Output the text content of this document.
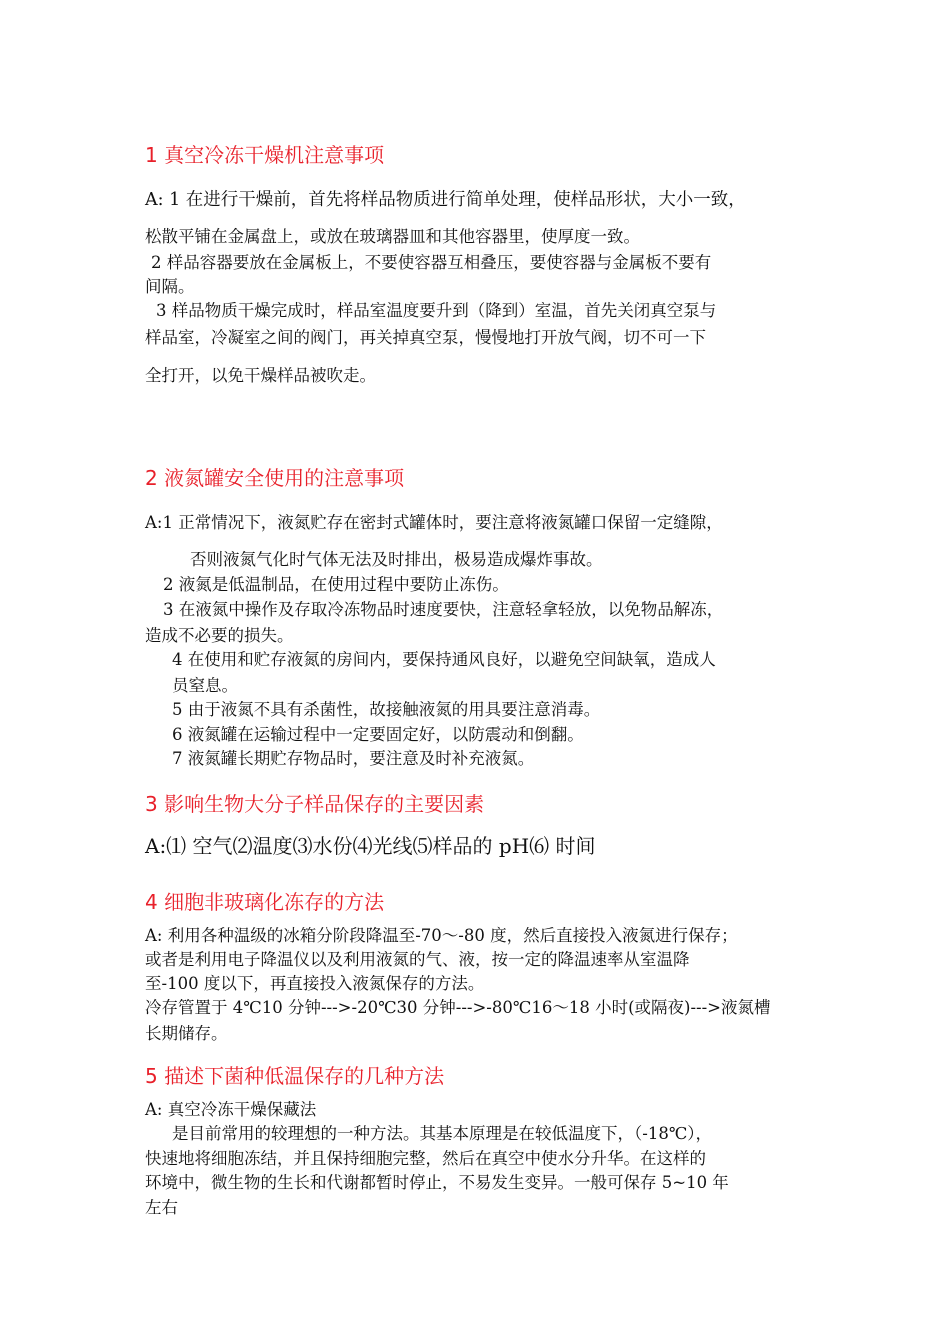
1 真空冷冻干燥机注意事项
A: 1 在进行干燥前，首先将样品物质进行简单处理，使样品形状，大小一致，
松散平铺在金属盘上，或放在玻璃器皿和其他容器里，使厚度一致。
2 样品容器要放在金属板上，不要使容器互相叠压，要使容器与金属板不要有
间隔。
3 样品物质干燥完成时，样品室温度要升到（降到）室温，首先关闭真空泵与
样品室，冷凝室之间的阀门，再关掉真空泵，慢慢地打开放气阀，切不可一下
全打开，以免干燥样品被吹走。
2 液氮罐安全使用的注意事项
A:1 正常情况下，液氮贮存在密封式罐体时，要注意将液氮罐口保留一定缝隙，
否则液氮气化时气体无法及时排出，极易造成爆炸事故。
2 液氮是低温制品，在使用过程中要防止冻伤。
3 在液氮中操作及存取冷冻物品时速度要快，注意轻拿轻放，以免物品解冻，
造成不必要的损失。
4 在使用和贮存液氮的房间内，要保持通风良好，以避免空间缺氧，造成人
员窒息。
5 由于液氮不具有杀菌性，故接触液氮的用具要注意消毒。
6 液氮罐在运输过程中一定要固定好，以防震动和倒翻。
7 液氮罐长期贮存物品时，要注意及时补充液氮。
3 影响生物大分子样品保存的主要因素
A:⑴ 空气⑵温度⑶水份⑷光线⑸样品的 pH⑹ 时间
4 细胞非玻璃化冻存的方法
A: 利用各种温级的冰箱分阶段降温至-70～-80 度，然后直接投入液氮进行保存；
或者是利用电子降温仪以及利用液氮的气、液，按一定的降温速率从室温降
至-100 度以下，再直接投入液氮保存的方法。
冷存管置于 4℃10 分钟--->-20℃30 分钟--->-80℃16～18 小时(或隔夜)--->液氮槽
长期储存。
5 描述下菌种低温保存的几种方法
A: 真空冷冻干燥保藏法
是目前常用的较理想的一种方法。其基本原理是在较低温度下，（-18℃），
快速地将细胞冻结，并且保持细胞完整，然后在真空中使水分升华。在这样的
环境中，微生物的生长和代谢都暂时停止，不易发生变异。一般可保存 5~10 年
左右
